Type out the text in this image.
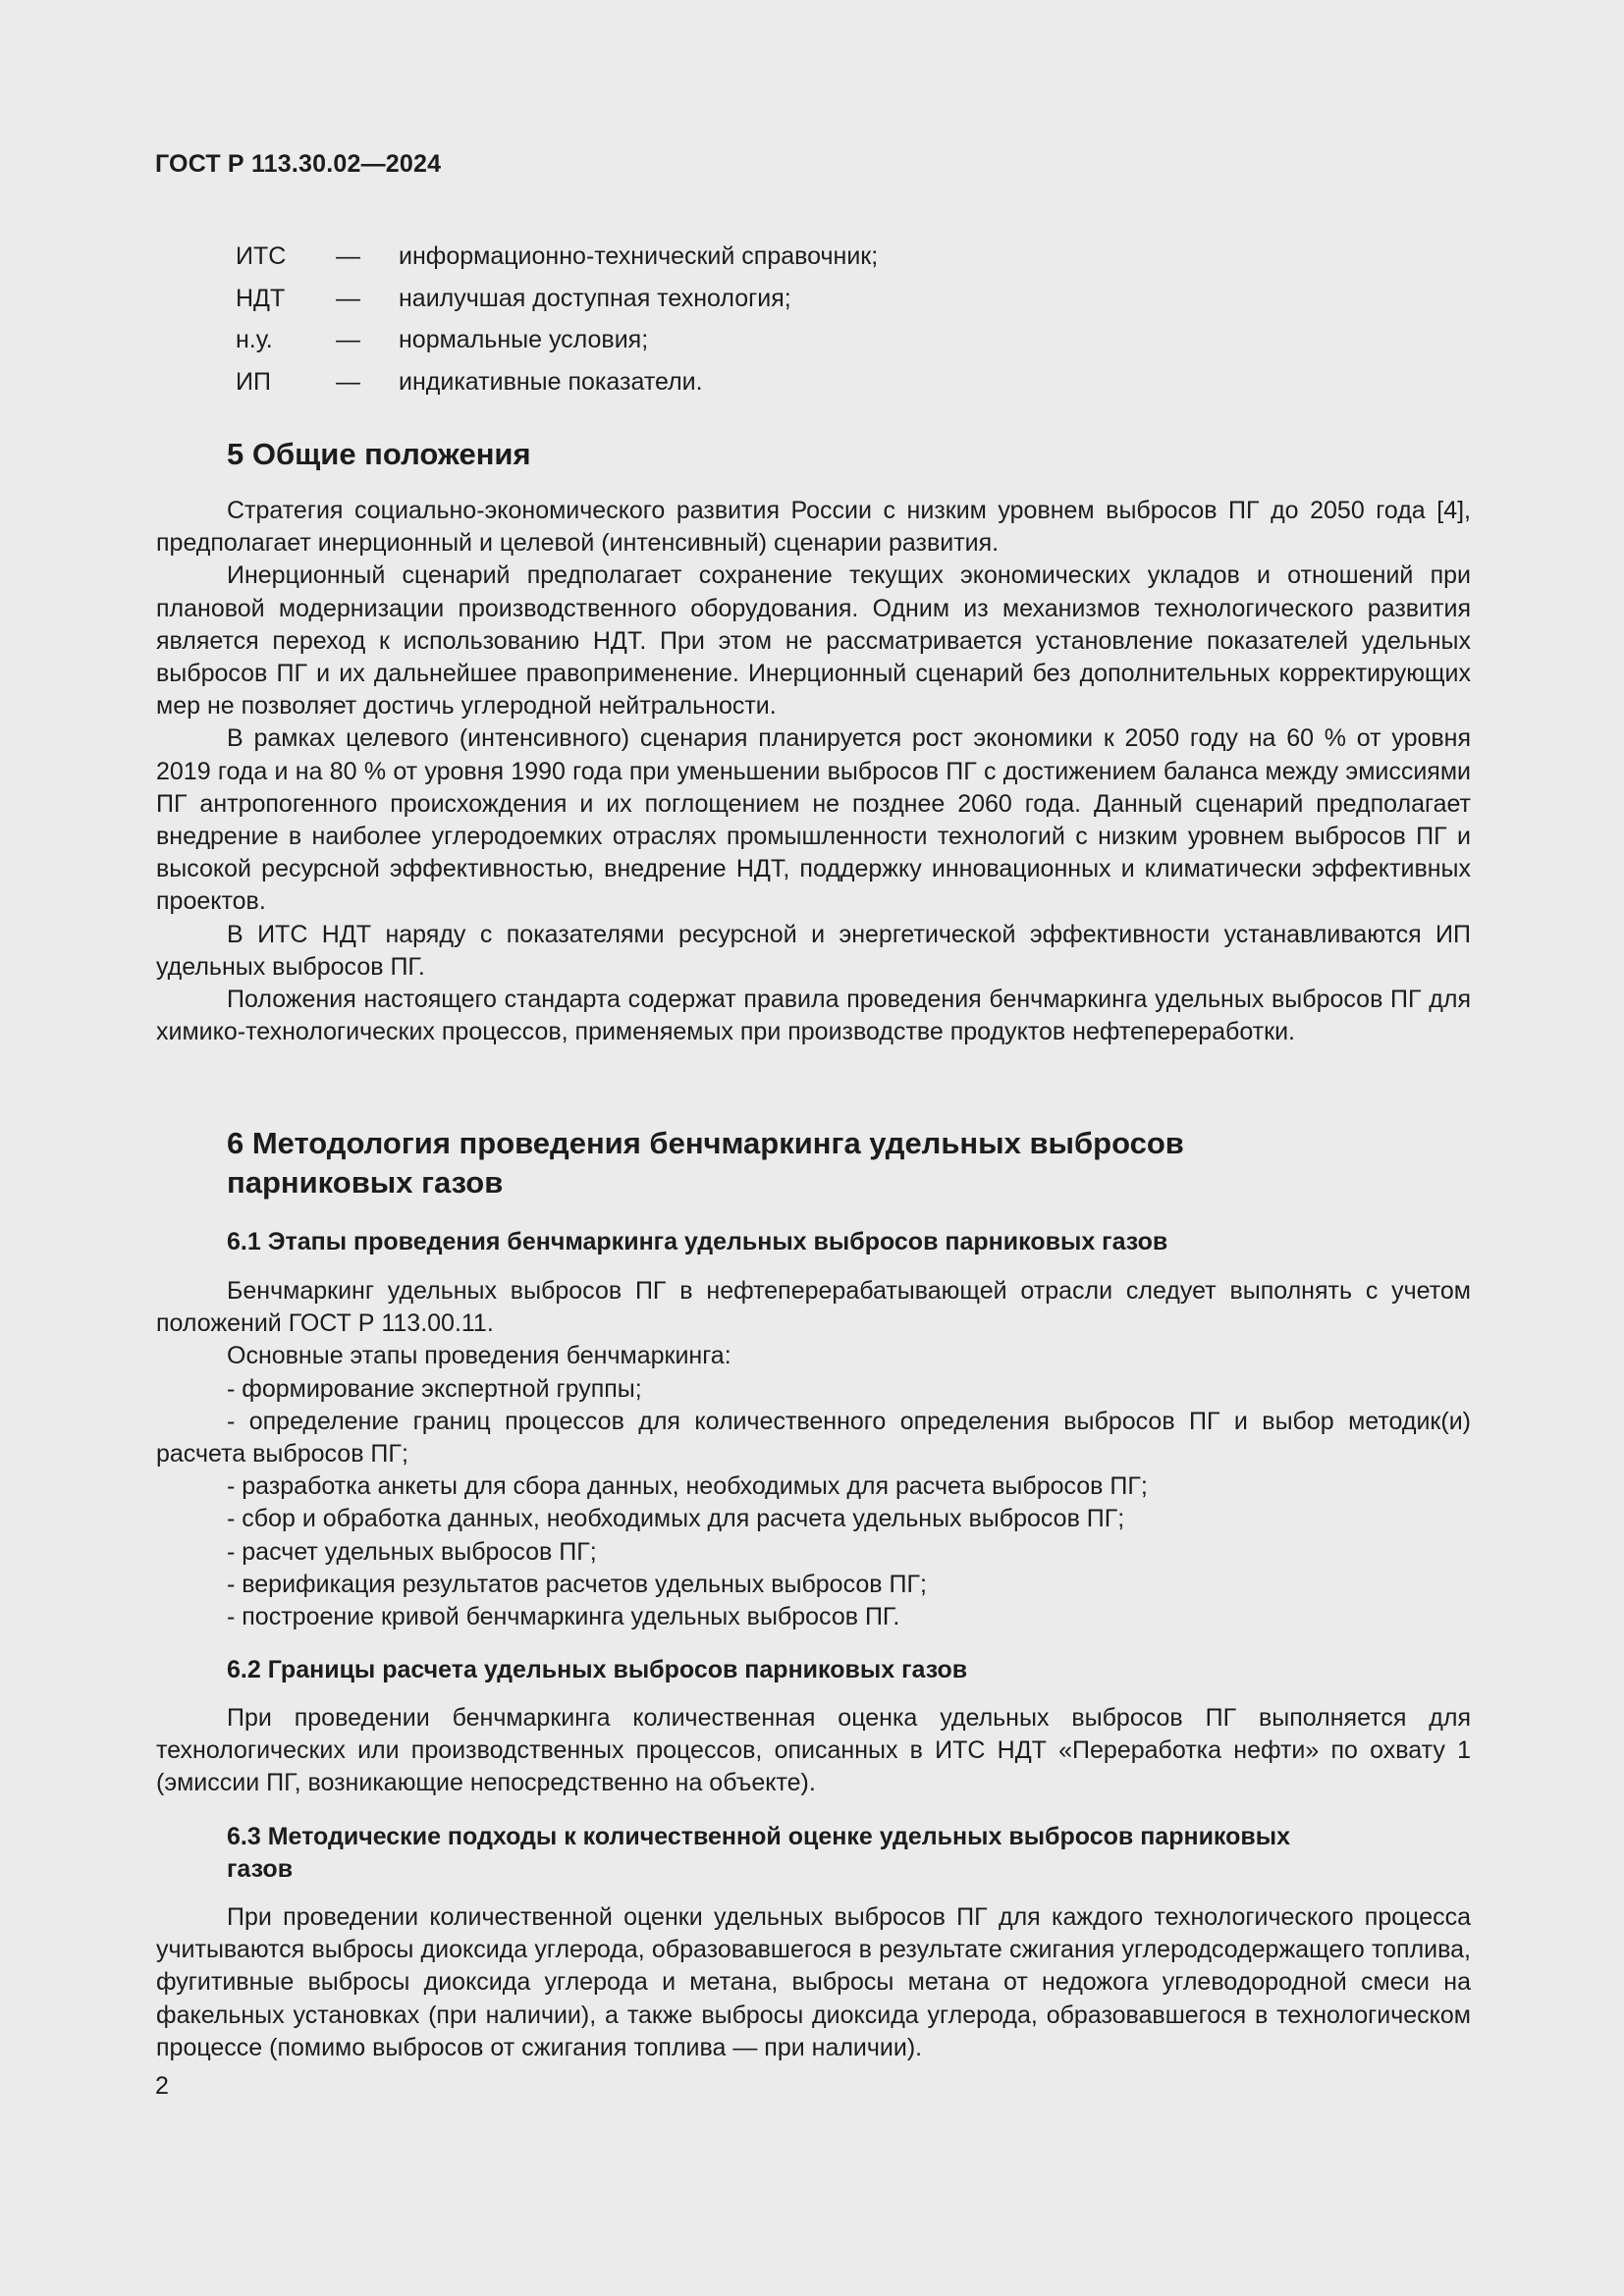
ГОСТ Р 113.30.02—2024
ИТС	—	информационно-технический справочник;
НДТ	—	наилучшая доступная технология;
н.у.	—	нормальные условия;
ИП	—	индикативные показатели.
5 Общие положения

Стратегия социально-экономического развития России с низким уровнем выбросов ПГ до 2050 года [4], предполагает инерционный и целевой (интенсивный) сценарии развития.

Инерционный сценарий предполагает сохранение текущих экономических укладов и отношений при плановой модернизации производственного оборудования. Одним из механизмов технологического развития является переход к использованию НДТ. При этом не рассматривается установление показателей удельных выбросов ПГ и их дальнейшее правоприменение. Инерционный сценарий без дополнительных корректирующих мер не позволяет достичь углеродной нейтральности.

В рамках целевого (интенсивного) сценария планируется рост экономики к 2050 году на 60 % от уровня 2019 года и на 80 % от уровня 1990 года при уменьшении выбросов ПГ с достижением баланса между эмиссиями ПГ антропогенного происхождения и их поглощением не позднее 2060 года. Данный сценарий предполагает внедрение в наиболее углеродоемких отраслях промышленности технологий с низким уровнем выбросов ПГ и высокой ресурсной эффективностью, внедрение НДТ, поддержку инновационных и климатически эффективных проектов.

В ИТС НДТ наряду с показателями ресурсной и энергетической эффективности устанавливаются ИП удельных выбросов ПГ.

Положения настоящего стандарта содержат правила проведения бенчмаркинга удельных выбросов ПГ для химико-технологических процессов, применяемых при производстве продуктов нефтепереработки.

6 Методология проведения бенчмаркинга удельных выбросов
парниковых газов
6.1 Этапы проведения бенчмаркинга удельных выбросов парниковых газов

Бенчмаркинг удельных выбросов ПГ в нефтеперерабатывающей отрасли следует выполнять с учетом положений ГОСТ Р 113.00.11.

Основные этапы проведения бенчмаркинга:

- формирование экспертной группы;
- определение границ процессов для количественного определения выбросов ПГ и выбор методик(и) расчета выбросов ПГ;
- разработка анкеты для сбора данных, необходимых для расчета выбросов ПГ;
- сбор и обработка данных, необходимых для расчета удельных выбросов ПГ;
- расчет удельных выбросов ПГ;
- верификация результатов расчетов удельных выбросов ПГ;
- построение кривой бенчмаркинга удельных выбросов ПГ.
6.2 Границы расчета удельных выбросов парниковых газов

При проведении бенчмаркинга количественная оценка удельных выбросов ПГ выполняется для технологических или производственных процессов, описанных в ИТС НДТ «Переработка нефти» по охвату 1 (эмиссии ПГ, возникающие непосредственно на объекте).

6.3 Методические подходы к количественной оценке удельных выбросов парниковых
газов

При проведении количественной оценки удельных выбросов ПГ для каждого технологического процесса учитываются выбросы диоксида углерода, образовавшегося в результате сжигания углеродсодержащего топлива, фугитивные выбросы диоксида углерода и метана, выбросы метана от недожога углеводородной смеси на факельных установках (при наличии), а также выбросы диоксида углерода, образовавшегося в технологическом процессе (помимо выбросов от сжигания топлива — при наличии).

2
